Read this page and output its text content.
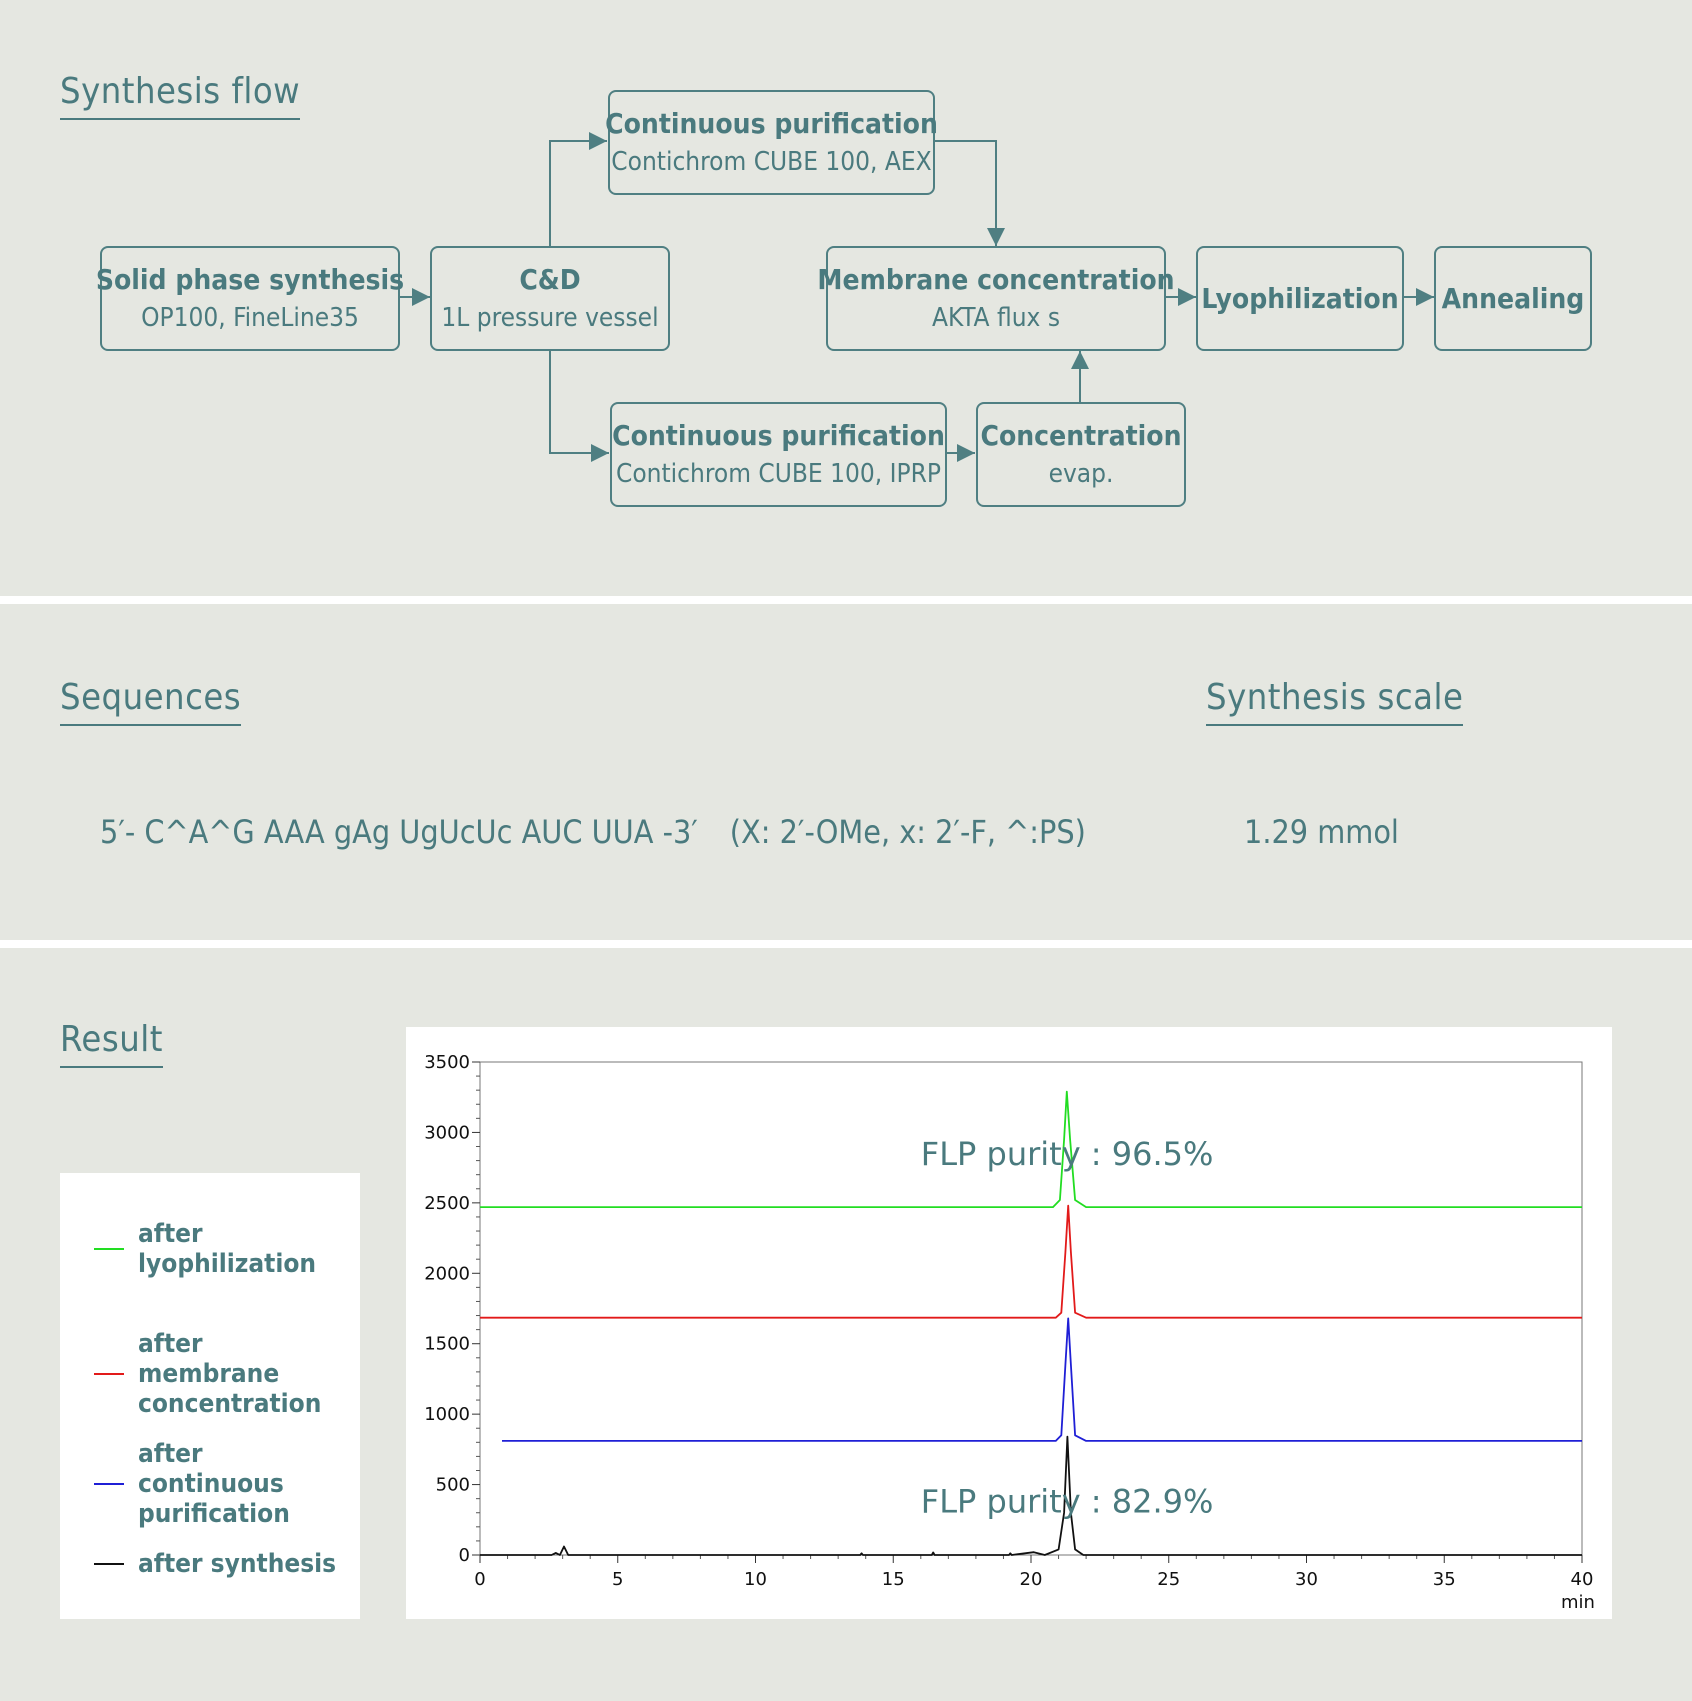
Synthesis flow
Solid phase synthesis
OP100, FineLine35
C&D
1L pressure vessel
Continuous purification
Contichrom CUBE 100, AEX
Continuous purification
Contichrom CUBE 100, IPRP
Membrane concentration
AKTA flux s
Concentration
evap.
Lyophilization Annealing
Sequences	Synthesis scale
5′- C^A^G AAA gAg UgUcUc AUC UUA -3′　(X: 2′-OMe, x: 2′-F, ^:PS)	1.29 mmol
Result
after
lyophilization
after membrane
concentration
after continuous
purification
after synthesis
0	5	10	15	20	25	30	35	40
0
500
1000
1500
2000
2500
3000
3500
min
FLP purity : 96.5%
FLP purity : 82.9%
